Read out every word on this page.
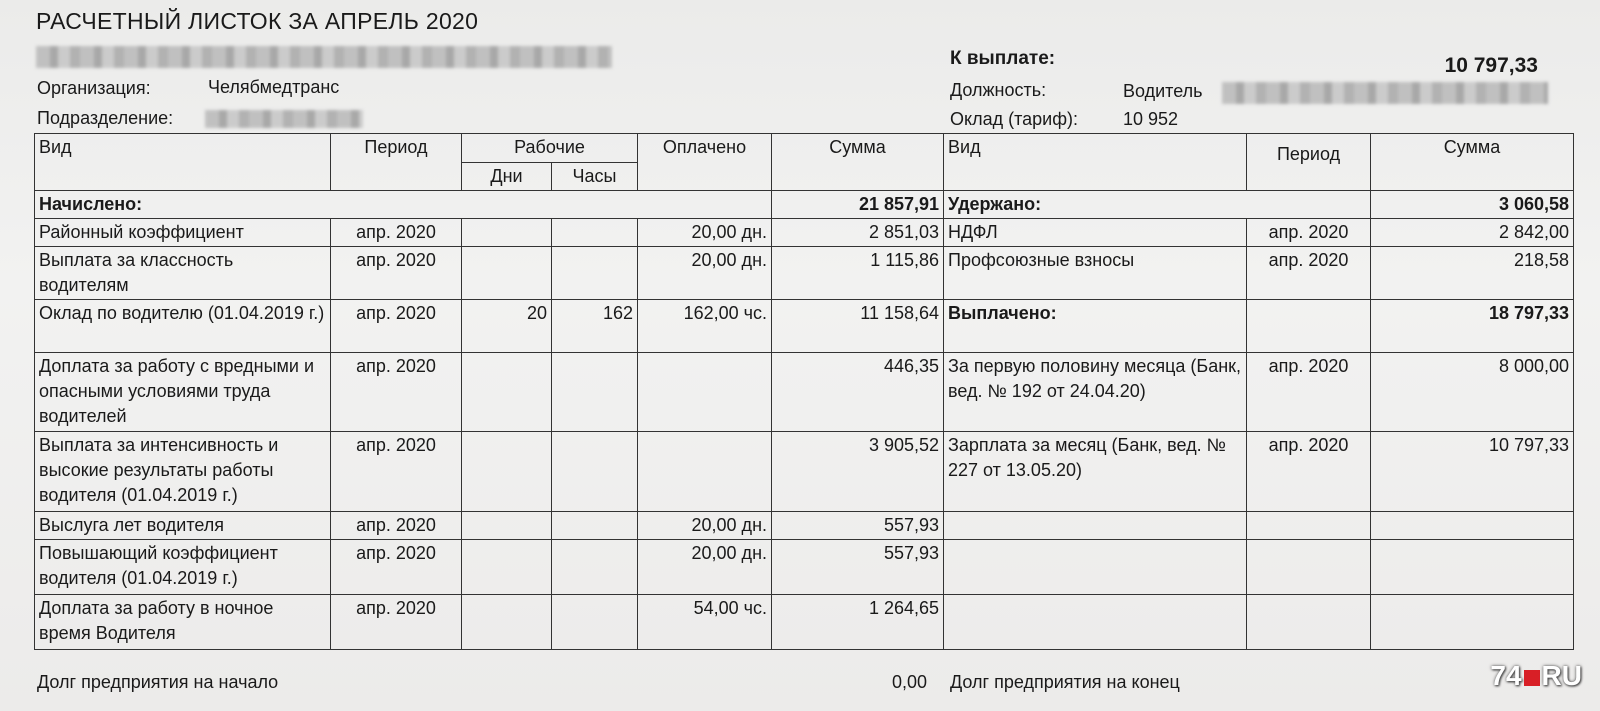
РАСЧЕТНЫЙ ЛИСТОК ЗА АПРЕЛЬ 2020
Организация:	Челябмедтранс
Подразделение:
К выплате:	10 797,33
Должность:	Водитель
Оклад (тариф): 10 952
Вид	Период	Рабочие		Оплачено	Сумма	Вид	Период	Сумма
		Дни	Часы					
Начислено:					21 857,91	Удержано:		3 060,58
Районный коэффициент	апр. 2020			20,00 дн.	2 851,03	НДФЛ	апр. 2020	2 842,00
Выплата за классность водителям	апр. 2020			20,00 дн.	1 115,86	Профсоюзные взносы	апр. 2020	218,58
Оклад по водителю (01.04.2019 г.)	апр. 2020	20	162	162,00 чс.	11 158,64	Выплачено:		18 797,33
Доплата за работу с вредными и опасными условиями труда водителей	апр. 2020				446,35	За первую половину месяца (Банк, вед. № 192 от 24.04.20)	апр. 2020	8 000,00
Выплата за интенсивность и высокие результаты работы водителя (01.04.2019 г.)	апр. 2020				3 905,52	Зарплата за месяц (Банк, вед. № 227 от 13.05.20)	апр. 2020	10 797,33
Выслуга лет водителя	апр. 2020			20,00 дн.	557,93			
Повышающий коэффициент водителя (01.04.2019 г.)	апр. 2020			20,00 дн.	557,93			
Доплата за работу в ночное время Водителя	апр. 2020			54,00 чс.	1 264,65			
Долг предприятия на начало	0,00 Долг предприятия на конец	74 RU
